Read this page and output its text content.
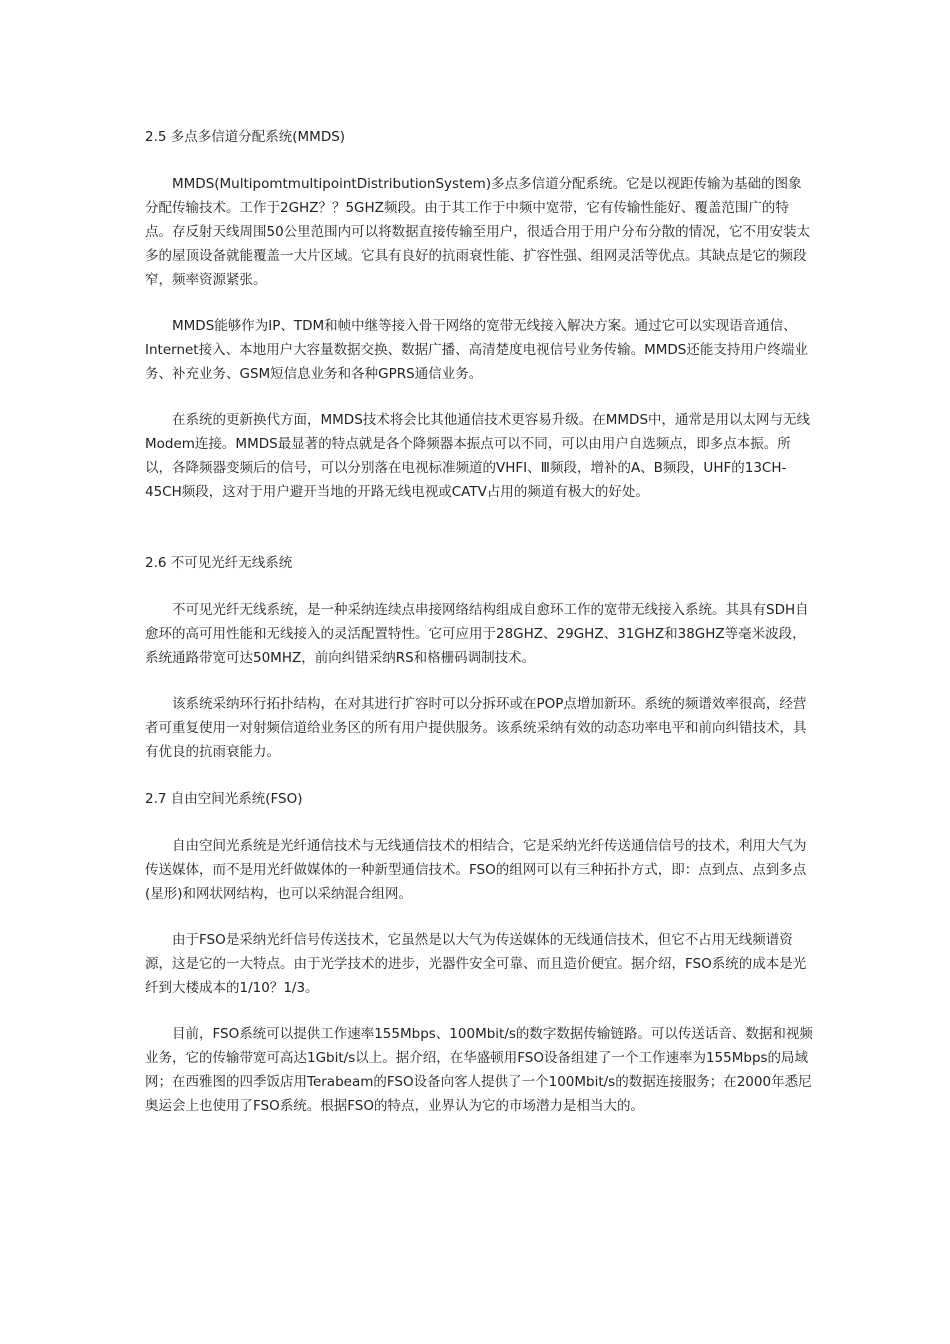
2.5 多点多信道分配系统(MMDS)

MMDS(MultipomtmultipointDistributionSystem)多点多信道分配系统。它是以视距传输为基础的图象分配传输技术。工作于2GHZ？？5GHZ频段。由于其工作于中频中宽带，它有传输性能好、覆盖范围广的特点。存反射天线周围50公里范围内可以将数据直接传输至用户，很适合用于用户分布分散的情况，它不用安装太多的屋顶设备就能覆盖一大片区域。它具有良好的抗雨衰性能、扩容性强、组网灵活等优点。其缺点是它的频段窄，频率资源紧张。

MMDS能够作为IP、TDM和帧中继等接入骨干网络的宽带无线接入解决方案。通过它可以实现语音通信、Internet接入、本地用户大容量数据交换、数据广播、高清楚度电视信号业务传输。MMDS还能支持用户终端业务、补充业务、GSM短信息业务和各种GPRS通信业务。

在系统的更新换代方面，MMDS技术将会比其他通信技术更容易升级。在MMDS中，通常是用以太网与无线Modem连接。MMDS最显著的特点就是各个降频器本振点可以不同，可以由用户自选频点，即多点本振。所以，各降频器变频后的信号，可以分别落在电视标准频道的VHFI、Ⅲ频段，增补的A、B频段，UHF的13CH-45CH频段，这对于用户避开当地的开路无线电视或CATV占用的频道有极大的好处。

2.6 不可见光纤无线系统

不可见光纤无线系统，是一种采纳连续点串接网络结构组成自愈环工作的宽带无线接入系统。其具有SDH自愈环的高可用性能和无线接入的灵活配置特性。它可应用于28GHZ、29GHZ、31GHZ和38GHZ等毫米波段，系统通路带宽可达50MHZ，前向纠错采纳RS和格栅码调制技术。

该系统采纳环行拓扑结构，在对其进行扩容时可以分拆环或在POP点增加新环。系统的频谱效率很高，经营者可重复使用一对射频信道给业务区的所有用户提供服务。该系统采纳有效的动态功率电平和前向纠错技术，具有优良的抗雨衰能力。

2.7 自由空间光系统(FSO)

自由空间光系统是光纤通信技术与无线通信技术的相结合，它是采纳光纤传送通信信号的技术，利用大气为传送媒体，而不是用光纤做媒体的一种新型通信技术。FSO的组网可以有三种拓扑方式，即：点到点、点到多点(星形)和网状网结构，也可以采纳混合组网。

由于FSO是采纳光纤信号传送技术，它虽然是以大气为传送媒体的无线通信技术，但它不占用无线频谱资源，这是它的一大特点。由于光学技术的进步，光器件安全可靠、而且造价便宜。据介绍，FSO系统的成本是光纤到大楼成本的1/10？1/3。

目前，FSO系统可以提供工作速率155Mbps、100Mbit/s的数字数据传输链路。可以传送话音、数据和视频业务，它的传输带宽可高达1Gbit/s以上。据介绍，在华盛顿用FSO设备组建了一个工作速率为155Mbps的局域网；在西雅图的四季饭店用Terabeam的FSO设备向客人提供了一个100Mbit/s的数据连接服务；在2000年悉尼奥运会上也使用了FSO系统。根据FSO的特点，业界认为它的市场潜力是相当大的。
